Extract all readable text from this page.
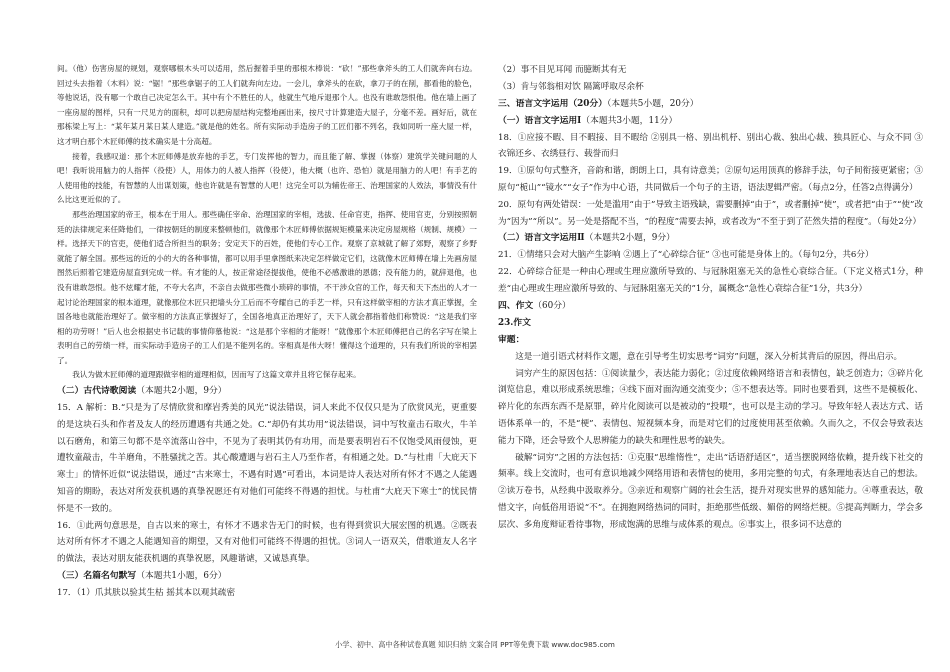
间。（他）伤害房屋的规划，观察哪根木头可以适用，然后握着手里的那根木棒说：“砍！”那些拿斧头的工人们就奔向右边。回过头去指着（木料）说：“锯！”那些拿锯子的工人们就奔向左边。一会儿，拿斧头的在砍，拿刀子的在削，都看他的脸色，等他说话，没有哪一个敢自己决定怎么干。其中有个不胜任的人，他就生气地斥退那个人。也没有谁敢怨恨他。他在墙上画了一座房屋的图样，只有一尺见方的面积，却可以把房屋结构完整地画出来，按尺寸计算建造大屋子，分毫不差。画好后，就在那栋梁上写上：“某年某月某日某人建造。”就是他的姓名。所有实际动手造房子的工匠们都不列名，我如同听一座大屋一样，这才明白那个木匠师傅的技术确实是十分高超。

接着，我感叹道：那个木匠师傅是放弃他的手艺，专门发挥他的智力，而且能了解、掌握（体察）建筑学关键问题的人吧！我听说用脑力的人指挥（役使）人，用体力的人被人指挥（役使），他大概（也许、恐怕）就是用脑力的人吧！有手艺的人使用他的技能，有智慧的人出谋划策，他也许就是有智慧的人吧！这完全可以为辅佐帝王、治理国家的人效法，事情没有什么比这更近似的了。

那些治理国家的帝王，根本在于用人。那些确任宰命、治理国家的宰相，选拔、任命官吏，指挥、使用官吏，分别按照朝廷的法律规定来任降他们，一律按朝廷的制度来整顿他们，就像那个木匠师傅依据规矩模量来决定房屋规格（规制、规模）一样。选择天下的官吏，使他们适合所担当的职务；安定天下的百姓，使他们专心工作。观察了京城就了解了郊野，观察了乡野就能了解全国。那些远的近的小的大的各种事情，都可以用手里拿图纸来决定怎样做定它们，这就像木匠师傅在墙上先画房屋图然后照着它建造房屋直到完成一样。有才能的人，按正常途径提拔他，使他不必感激谁的恩德；没有能力的，就辞退他，也没有谁敢怨恨。他不炫耀才能，不夸大名声，不亲自去做那些微小琐碎的事情，不干涉众官的工作，每天和天下杰出的人才一起讨论治理国家的根本道理，就像那位木匠只把墙头分工后而不夸耀自己的手艺一样，只有这样做宰相的方法才真正掌握，全国各地也就能治理好了。做宰相的方法真正掌握好了，全国各地真正治理好了，天下人就会都指着他们称赞说：“这是我们宰相的功劳呀！”后人也会根据史书记载的事情仰慕他说：“这是那个宰相的才能呀！”就像那个木匠师傅把自己的名字写在梁上表明自己的劳绩一样，而实际动手造房子的工人们是不能列名的。宰相真是伟大呀！懂得这个道理的，只有我们所说的宰相罢了。

我认为做木匠师傅的道理跟做宰相的道理相似，因而写了这篇文章并且将它保存起来。

（二）古代诗歌阅读（本题共2小题，9分）

15．A 解析：B.“只是为了尽情欣赏和摩岩秀美的风光”说法错误，词人来此不仅仅只是为了欣赏风光，更重要的是这块石头和作者及友人的经历遭遇有共通之处。C.“却仍有其功用”说法错误，词中写牧童击石取火，牛羊以石磨角，和第三句都不是卒流落山谷中，不见为了表明其仍有功用，而是要表明岩石不仅饱受风雨侵蚀，更遭牧童敲击，牛羊磨角，不胜骚扰之苦。其心酸遭遇与岩石主人乃至作者，有相通之处。D.“与杜甫「大庇天下寒士」的情怀近似”说法错误，通过“古来寒士，不遇有时遇”可看出，本词是诗人表达对所有怀才不遇之人能遇知音的期盼，表达对所发获机遇的真挚祝愿还有对他们可能终不得遇的担忧。与杜甫“大庇天下寒士”的忧民情怀是不一致的。

16．①此两句意思是，自古以来的寒士，有怀才不遇求告无门的时候，也有得到赏识大展宏图的机遇。②既表达对所有怀才不遇之人能遇知音的期望，又有对他们可能终不得遇的担忧。③词人一语双关，借歌道友人名字的做法，表达对朋友能获机遇的真挚祝愿，风趣谐谑，又诚恳真挚。

（三）名篇名句默写（本题共1小题，6分）

17．（1）爪其肤以验其生枯 摇其本以观其疏密

（2）事不目见耳闻 而臆断其有无

（3）肯与邻翁相对饮 隔篱呼取尽余杯

三、语言文字运用（20分）（本题共5小题，20分）

（一）语言文字运用Ⅰ（本题共3小题，11分）

18．①应接不暇、目不暇接、目不暇给 ②别具一格、别出机杼、别出心裁、独出心裁、独具匠心、与众不同 ③衣锦还乡、衣绣昼行、载誉而归

19．①原句句式整齐，音韵和谐，朗朗上口，具有诗意美；②原句运用顶真的修辞手法，句子间衔接更紧密；③原句“栀山”“镜水”“女子”作为中心语，共同做后一个句子的主语，语法逻辑严密。（每点2分，任答2点得满分）

20．原句有两处错误：一处是滥用“由于”导致主语残缺，需要删掉“由于”，或者删掉“使”，或者把“由于”“使”改为“因为”“所以”。另一处是搭配不当，“的程度”需要去掉，或者改为“不至于到了茫然失措的程度”。（每处2分）

（二）语言文字运用Ⅱ（本题共2小题，9分）

21．①情绪只会对大脑产生影响 ②遇上了“心碎综合征” ③也可能是身体上的。（每句2分，共6分）

22．心碎综合征是一种由心理或生理应激所导致的、与冠脉阻塞无关的急性心衰综合征。（下定义格式1分，种差“由心理或生理应激所导致的、与冠脉阻塞无关的”1分，属概念“急性心衰综合征”1分，共3分）

四、作文（60分）

23.作文

审题：

这是一道引语式材料作文题，意在引导考生切实思考“词穷”问题，深入分析其背后的原因，得出启示。

词穷产生的原因包括：①阅读量少，表达能力弱化；②过度依赖网络语言和表情包，缺乏创造力；③碎片化浏览信息，难以形成系统思维；④线下面对面沟通交流变少；⑤不想表达等。同时也要看到，这些不是模板化、碎片化的东西东西不是原罪，碎片化阅读可以是被动的“投喂”，也可以是主动的学习。导致年轻人表达方式、话语体系单一的，不是“梗”、表情包、短视频本身，而是对它们的过度使用甚至依赖。久而久之，不仅会导致表达能力下降，还会导致个人思辨能力的缺失和理性思考的缺失。

破解“词穷”之困的方法包括：①克服“思维惰性”，走出“话语舒适区”，适当摆脱网络依赖，提升线下社交的频率。线上交流时，也可有意识地减少网络用语和表情包的使用，多用完整的句式，有条理地表达自己的想法。②读万卷书，从经典中汲取养分。③亲近和观察广阔的社会生活，提升对现实世界的感知能力。④尊重表达，敬惜文字，向低俗用语说“不”。在拥抱网络热词的同时，拒绝那些低级、媚俗的网络烂梗。⑤提高判断力，学会多层次、多角度辩证看待事物，形成饱满的思维与成体系的观点。⑥事实上，很多词不达意的

小学、初中、高中各种试卷真题 知识归纳 文案合同 PPT等免费下载 www.doc985.com
